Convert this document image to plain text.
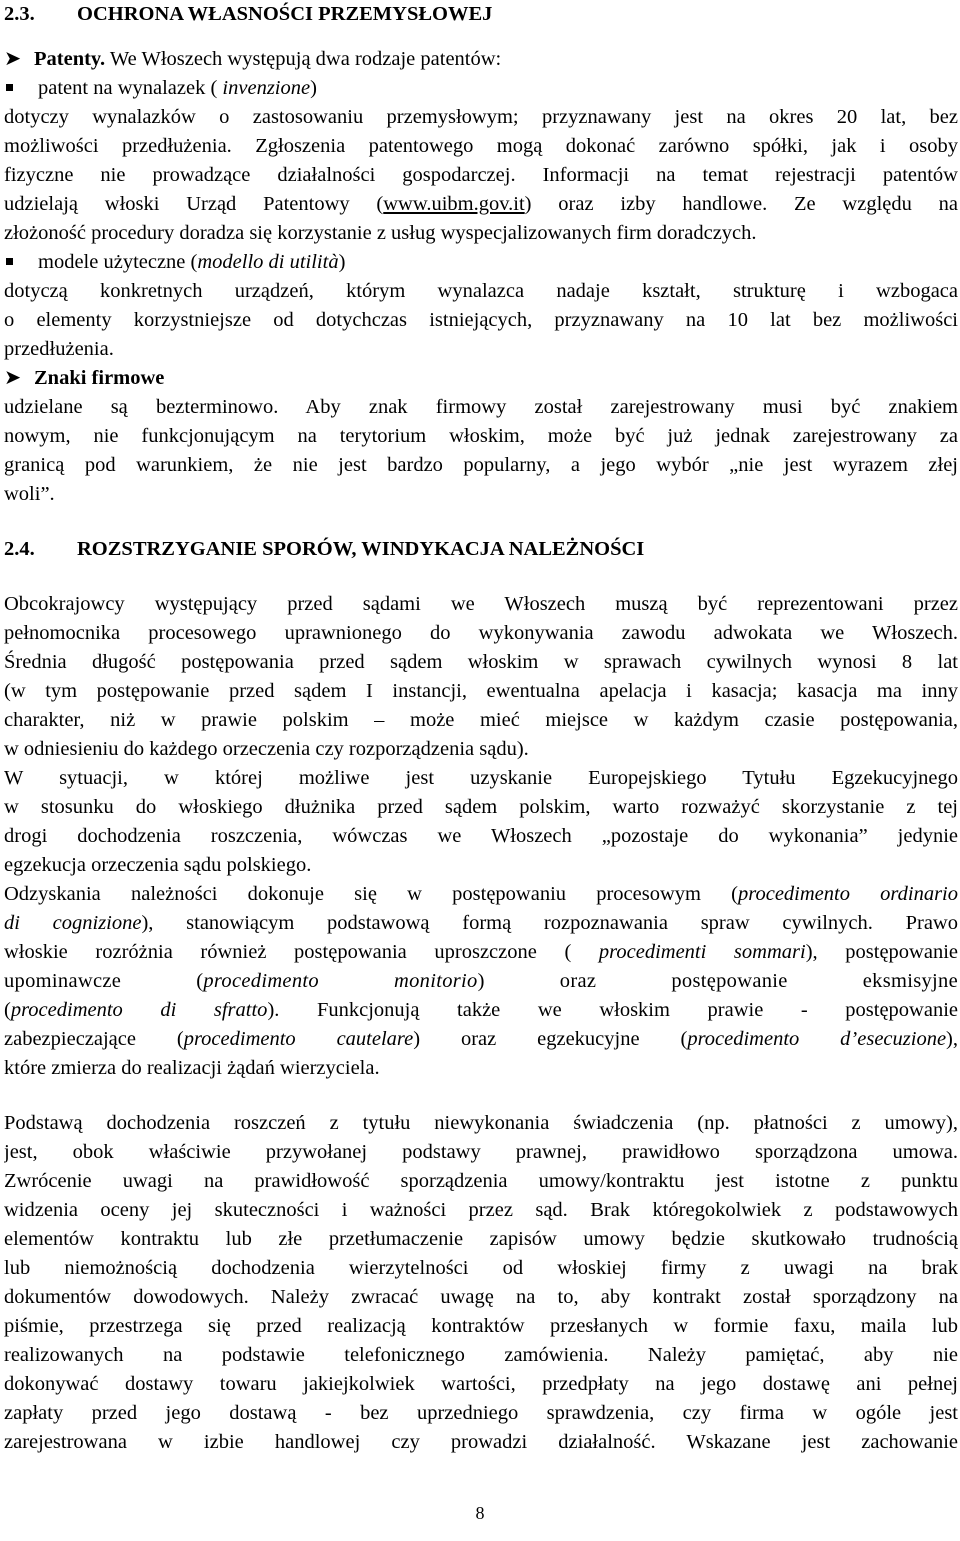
2.3. OCHRONA WŁASNOŚCI PRZEMYSŁOWEJ
➤ Patenty. We Włoszech występują dwa rodzaje patentów:
patent na wynalazek ( invenzione)
dotyczy wynalazków o zastosowaniu przemysłowym; przyznawany jest na okres 20 lat, bez
możliwości przedłużenia. Zgłoszenia patentowego mogą dokonać zarówno spółki, jak i osoby
fizyczne nie prowadzące działalności gospodarczej. Informacji na temat rejestracji patentów
udzielają włoski Urząd Patentowy (www.uibm.gov.it) oraz izby handlowe. Ze względu na
złożoność procedury doradza się korzystanie z usług wyspecjalizowanych firm doradczych.
modele użyteczne (modello di utilità)
dotyczą konkretnych urządzeń, którym wynalazca nadaje kształt, strukturę i wzbogaca
o elementy korzystniejsze od dotychczas istniejących, przyznawany na 10 lat bez możliwości
przedłużenia.
➤ Znaki firmowe
udzielane są bezterminowo. Aby znak firmowy został zarejestrowany musi być znakiem
nowym, nie funkcjonującym na terytorium włoskim, może być już jednak zarejestrowany za
granicą pod warunkiem, że nie jest bardzo popularny, a jego wybór „nie jest wyrazem złej
woli”.
2.4. ROZSTRZYGANIE SPORÓW, WINDYKACJA NALEŻNOŚCI
Obcokrajowcy występujący przed sądami we Włoszech muszą być reprezentowani przez
pełnomocnika procesowego uprawnionego do wykonywania zawodu adwokata we Włoszech.
Średnia długość postępowania przed sądem włoskim w sprawach cywilnych wynosi 8 lat
(w tym postępowanie przed sądem I instancji, ewentualna apelacja i kasacja; kasacja ma inny
charakter, niż w prawie polskim – może mieć miejsce w każdym czasie postępowania,
w odniesieniu do każdego orzeczenia czy rozporządzenia sądu).
W sytuacji, w której możliwe jest uzyskanie Europejskiego Tytułu Egzekucyjnego
w stosunku do włoskiego dłużnika przed sądem polskim, warto rozważyć skorzystanie z tej
drogi dochodzenia roszczenia, wówczas we Włoszech „pozostaje do wykonania” jedynie
egzekucja orzeczenia sądu polskiego.
Odzyskania należności dokonuje się w postępowaniu procesowym (procedimento ordinario
di cognizione), stanowiącym podstawową formą rozpoznawania spraw cywilnych. Prawo
włoskie rozróżnia również postępowania uproszczone ( procedimenti sommari), postępowanie
upominawcze (procedimento monitorio) oraz postępowanie eksmisyjne
(procedimento di sfratto). Funkcjonują także we włoskim prawie - postępowanie
zabezpieczające (procedimento cautelare) oraz egzekucyjne (procedimento d’esecuzione),
które zmierza do realizacji żądań wierzyciela.
Podstawą dochodzenia roszczeń z tytułu niewykonania świadczenia (np. płatności z umowy),
jest, obok właściwie przywołanej podstawy prawnej, prawidłowo sporządzona umowa.
Zwrócenie uwagi na prawidłowość sporządzenia umowy/kontraktu jest istotne z punktu
widzenia oceny jej skuteczności i ważności przez sąd. Brak któregokolwiek z podstawowych
elementów kontraktu lub złe przetłumaczenie zapisów umowy będzie skutkowało trudnością
lub niemożnością dochodzenia wierzytelności od włoskiej firmy z uwagi na brak
dokumentów dowodowych. Należy zwracać uwagę na to, aby kontrakt został sporządzony na
piśmie, przestrzega się przed realizacją kontraktów przesłanych w formie faxu, maila lub
realizowanych na podstawie telefonicznego zamówienia. Należy pamiętać, aby nie
dokonywać dostawy towaru jakiejkolwiek wartości, przedpłaty na jego dostawę ani pełnej
zapłaty przed jego dostawą - bez uprzedniego sprawdzenia, czy firma w ogóle jest
zarejestrowana w izbie handlowej czy prowadzi działalność. Wskazane jest zachowanie
8
